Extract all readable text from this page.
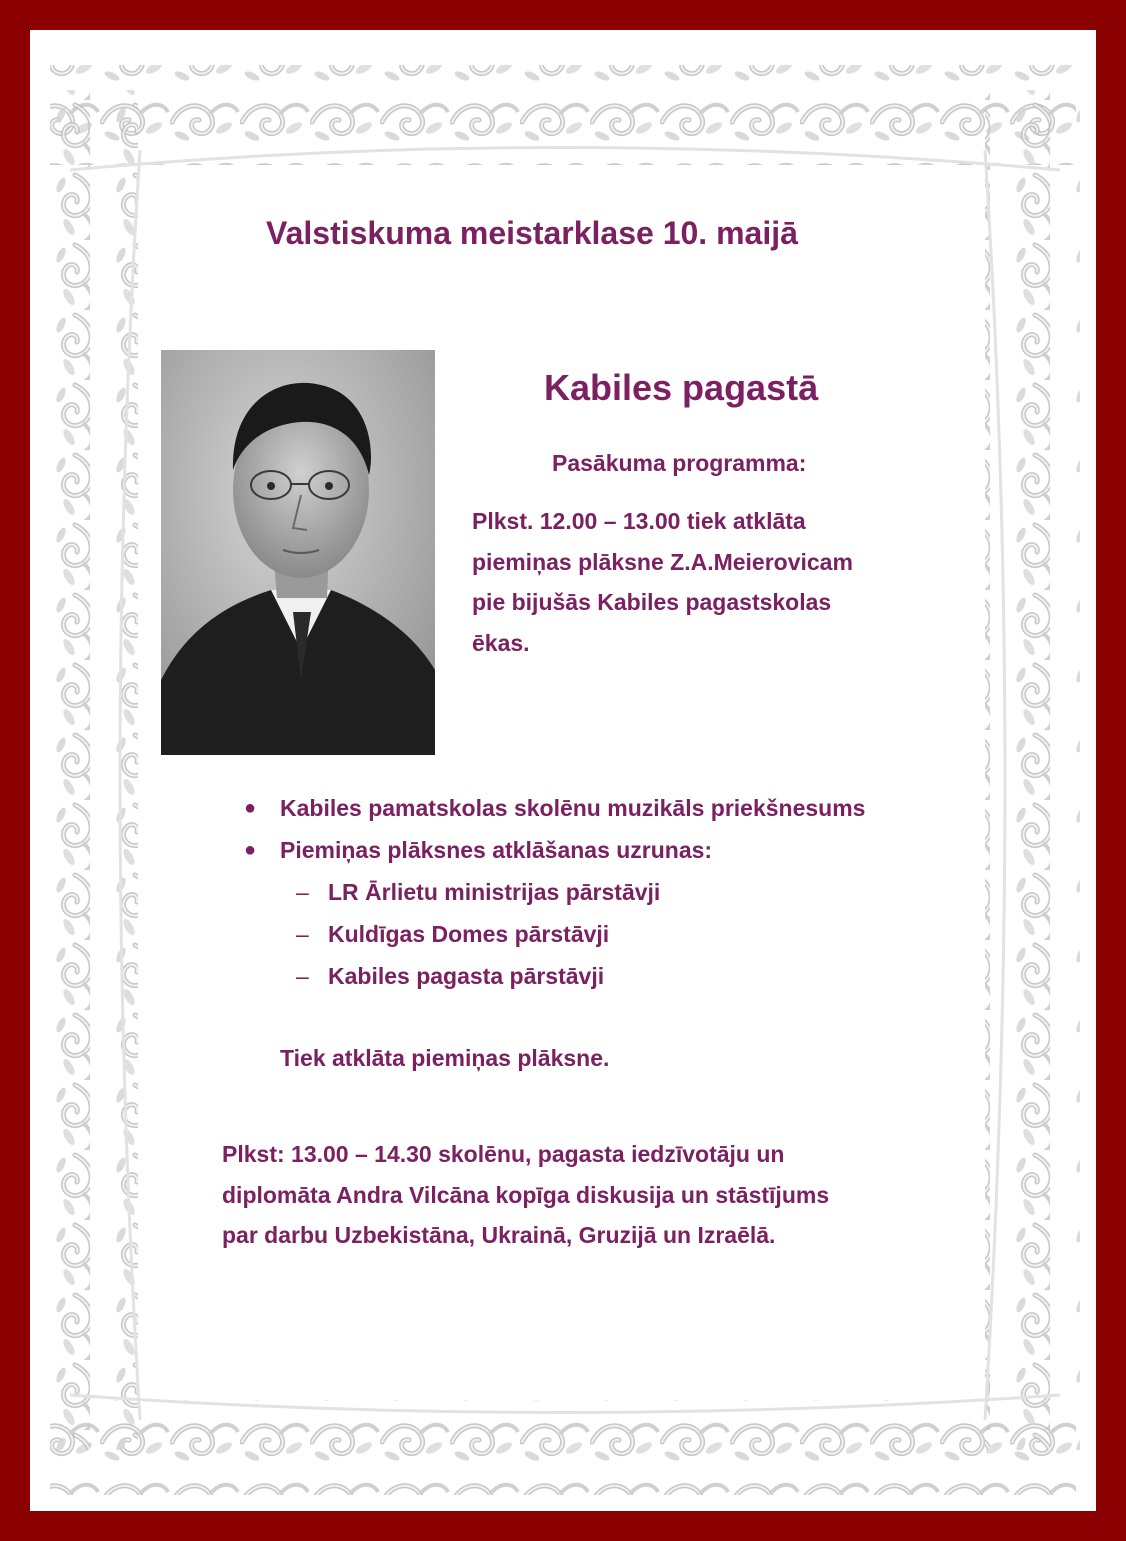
Valstiskuma meistarklase 10. maijā
Kabiles pagastā
Pasākuma programma:
Plkst. 12.00 – 13.00 tiek atklāta
piemiņas plāksne Z.A.Meierovicam
pie bijušās Kabiles pagastskolas
ēkas.
●	Kabiles pamatskolas skolēnu muzikāls priekšnesums
●	Piemiņas plāksnes atklāšanas uzrunas:
– LR Ārlietu ministrijas pārstāvji
– Kuldīgas Domes pārstāvji
– Kabiles pagasta pārstāvji
Tiek atklāta piemiņas plāksne.
Plkst: 13.00 – 14.30 skolēnu, pagasta iedzīvotāju un
diplomāta Andra Vilcāna kopīga diskusija un stāstījums
par darbu Uzbekistāna, Ukrainā, Gruzijā un Izraēlā.
